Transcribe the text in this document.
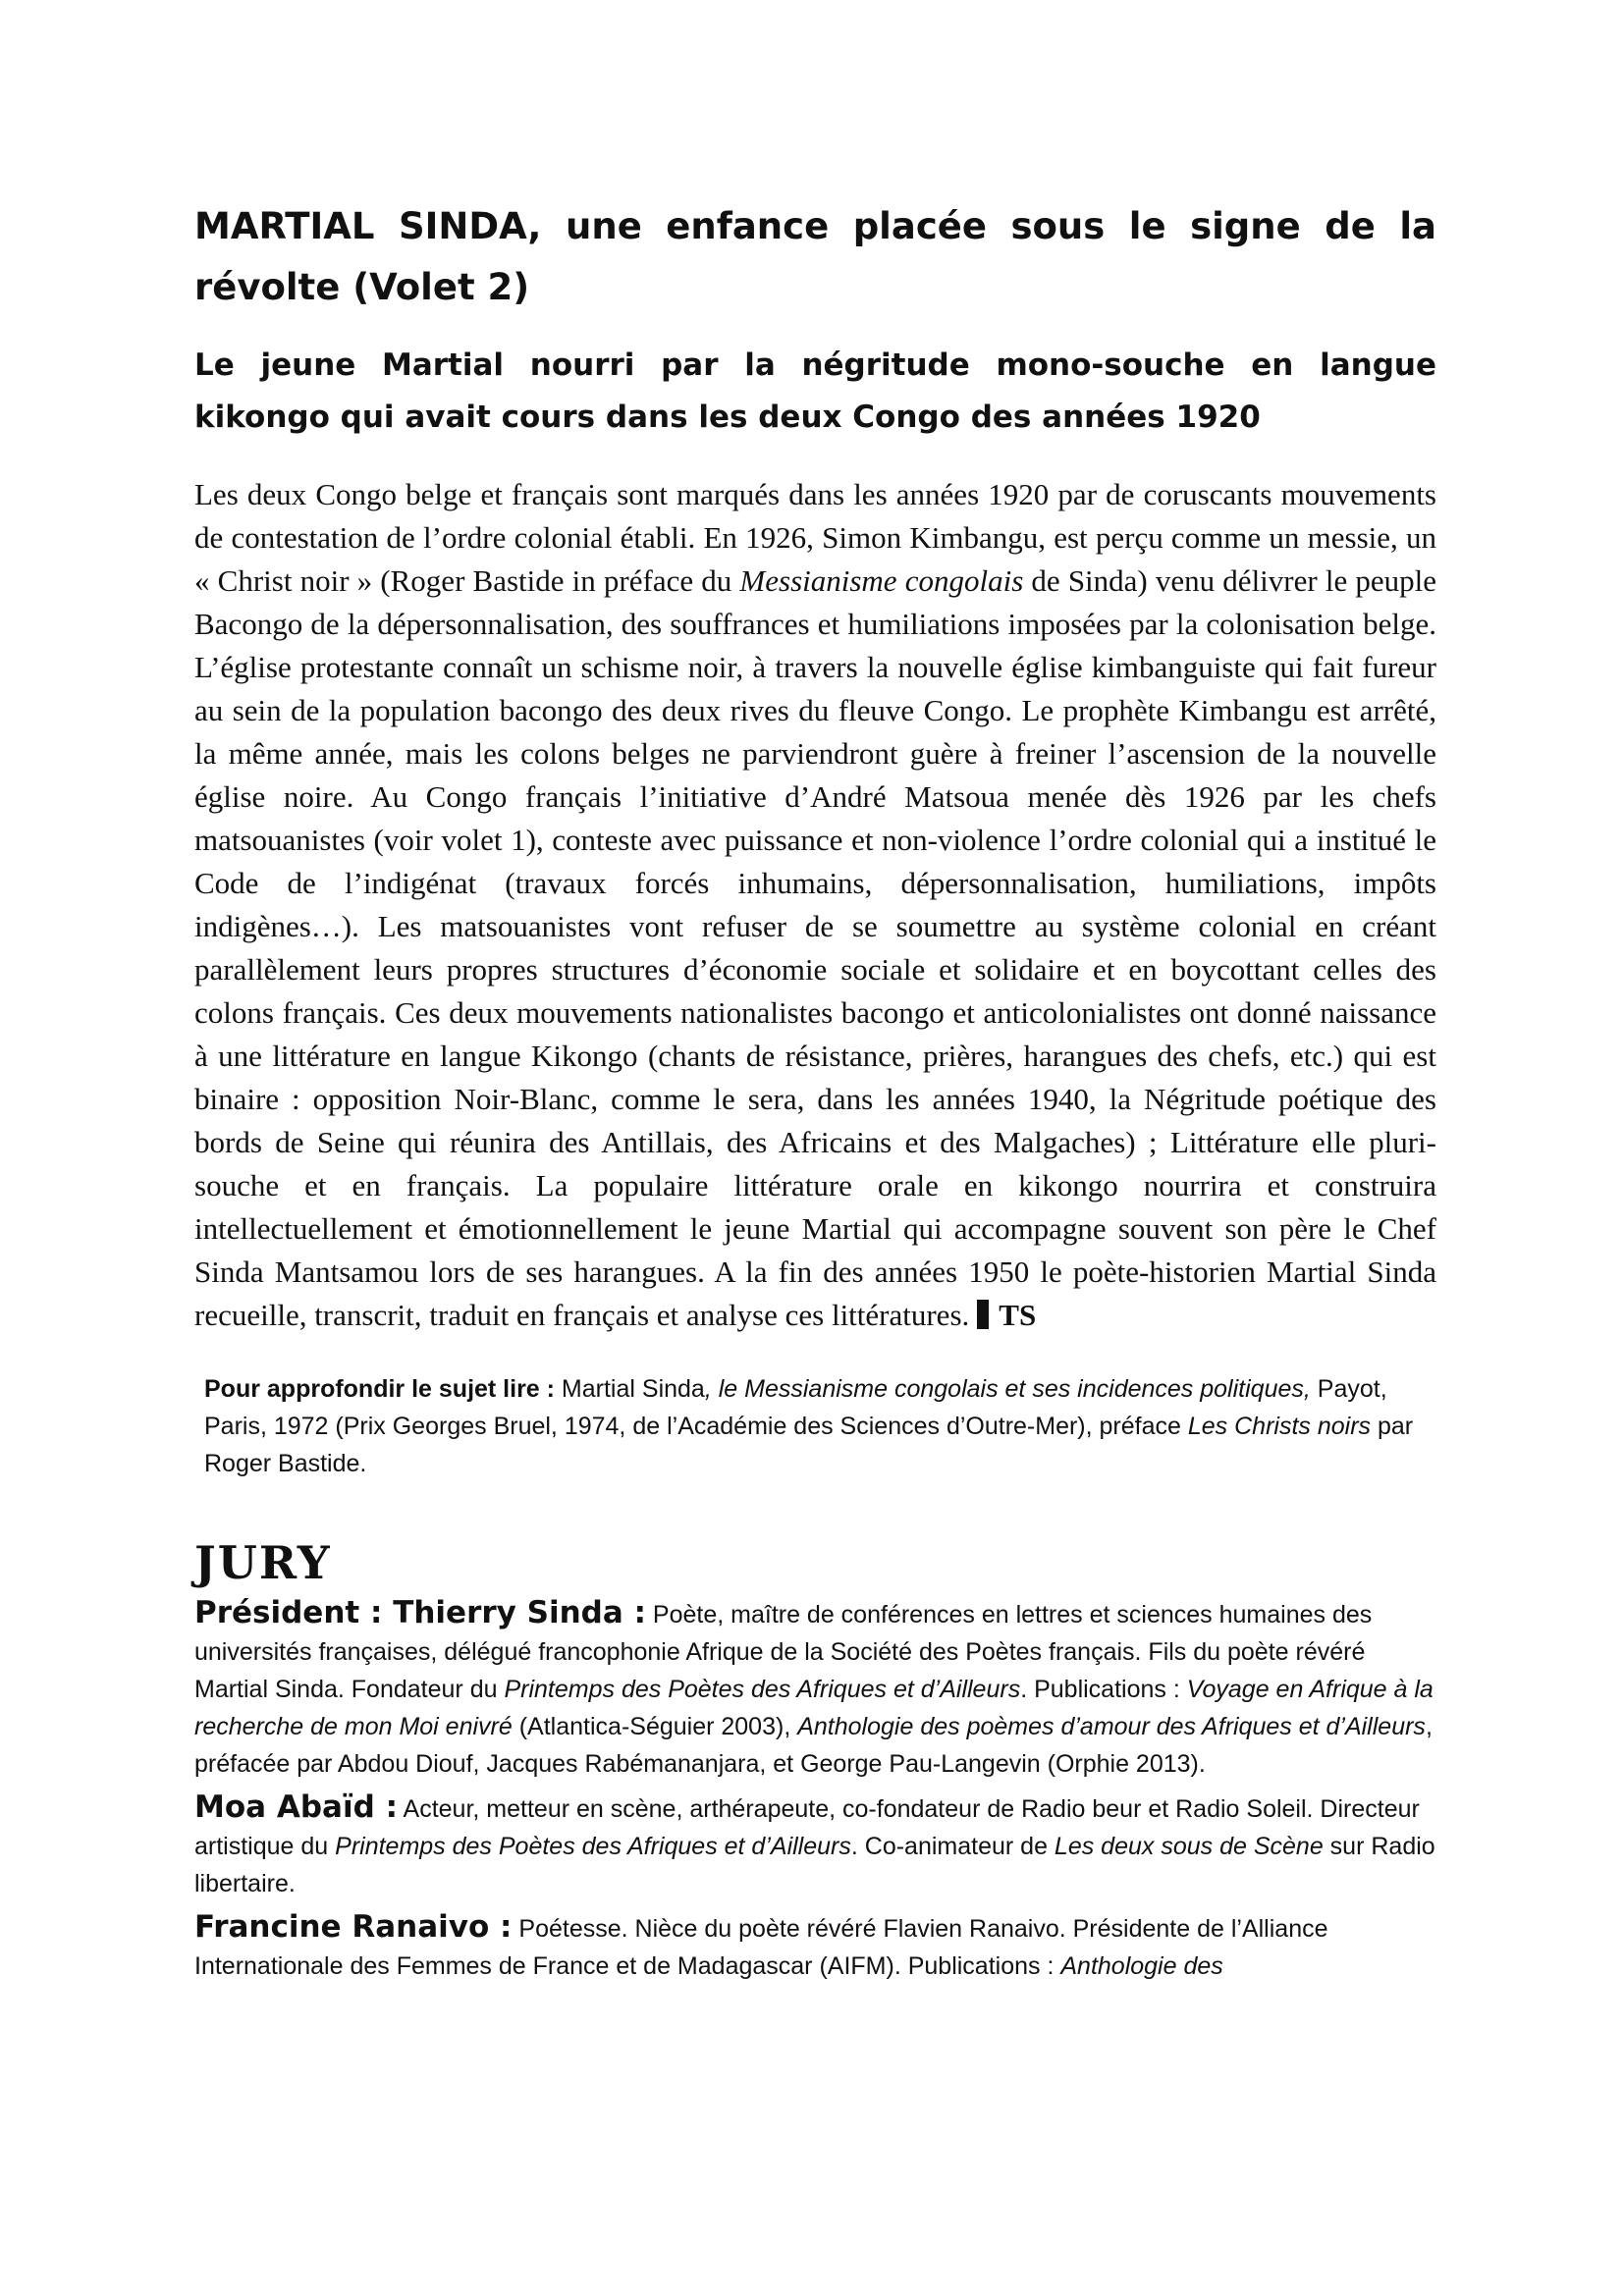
MARTIAL SINDA, une enfance placée sous le signe de la révolte (Volet 2)
Le jeune Martial nourri par la négritude mono-souche en langue kikongo qui avait cours dans les deux Congo des années 1920

Les deux Congo belge et français sont marqués dans les années 1920 par de coruscants mouvements de contestation de l’ordre colonial établi. En 1926, Simon Kimbangu, est perçu comme un messie, un « Christ noir » (Roger Bastide in préface du Messianisme congolais de Sinda) venu délivrer le peuple Bacongo de la dépersonnalisation, des souffrances et humiliations imposées par la colonisation belge. L’église protestante connaît un schisme noir, à travers la nouvelle église kimbanguiste qui fait fureur au sein de la population bacongo des deux rives du fleuve Congo. Le prophète Kimbangu est arrêté, la même année, mais les colons belges ne parviendront guère à freiner l’ascension de la nouvelle église noire. Au Congo français l’initiative d’André Matsoua menée dès 1926 par les chefs matsouanistes (voir volet 1), conteste avec puissance et non-violence l’ordre colonial qui a institué le Code de l’indigénat (travaux forcés inhumains, dépersonnalisation, humiliations, impôts indigènes…). Les matsouanistes vont refuser de se soumettre au système colonial en créant parallèlement leurs propres structures d’économie sociale et solidaire et en boycottant celles des colons français. Ces deux mouvements nationalistes bacongo et anticolonialistes ont donné naissance à une littérature en langue Kikongo (chants de résistance, prières, harangues des chefs, etc.) qui est binaire : opposition Noir-Blanc, comme le sera, dans les années 1940, la Négritude poétique des bords de Seine qui réunira des Antillais, des Africains et des Malgaches) ; Littérature elle pluri-souche et en français. La populaire littérature orale en kikongo nourrira et construira intellectuellement et émotionnellement le jeune Martial qui accompagne souvent son père le Chef Sinda Mantsamou lors de ses harangues. A la fin des années 1950 le poète-historien Martial Sinda recueille, transcrit, traduit en français et analyse ces littératures. TS

Pour approfondir le sujet lire : Martial Sinda, le Messianisme congolais et ses incidences politiques, Payot, Paris, 1972 (Prix Georges Bruel, 1974, de l’Académie des Sciences d’Outre-Mer), préface Les Christs noirs par Roger Bastide.

JURY

Président : Thierry Sinda : Poète, maître de conférences en lettres et sciences humaines des universités françaises, délégué francophonie Afrique de la Société des Poètes français. Fils du poète révéré Martial Sinda. Fondateur du Printemps des Poètes des Afriques et d’Ailleurs. Publications : Voyage en Afrique à la recherche de mon Moi enivré (Atlantica-Séguier 2003), Anthologie des poèmes d’amour des Afriques et d’Ailleurs, préfacée par Abdou Diouf, Jacques Rabémananjara, et George Pau-Langevin (Orphie 2013).

Moa Abaïd : Acteur, metteur en scène, arthérapeute, co-fondateur de Radio beur et Radio Soleil. Directeur artistique du Printemps des Poètes des Afriques et d’Ailleurs. Co-animateur de Les deux sous de Scène sur Radio libertaire.

Francine Ranaivo : Poétesse. Nièce du poète révéré Flavien Ranaivo. Présidente de l’Alliance Internationale des Femmes de France et de Madagascar (AIFM). Publications : Anthologie des
